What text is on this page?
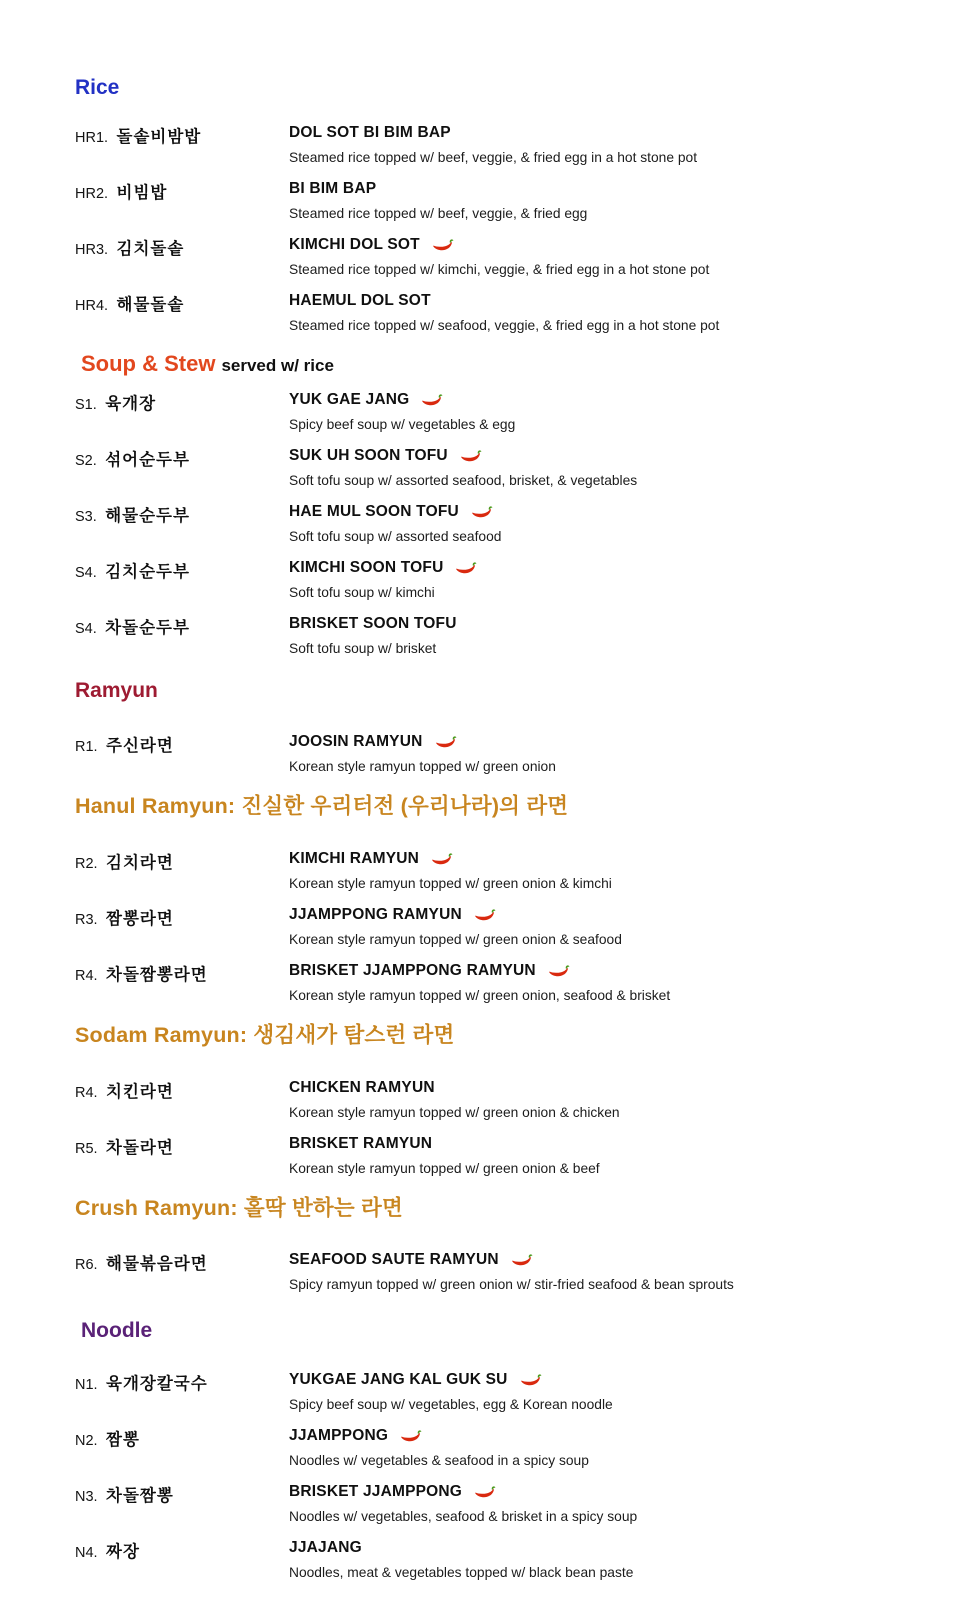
Rice
HR1. 돌솥비밤밥	DOL SOT BI BIM BAP
Steamed rice topped w/ beef, veggie, & fried egg in a hot stone pot
HR2. 비빔밥	BI BIM BAP
Steamed rice topped w/ beef, veggie, & fried egg
HR3. 김치돌솥	KIMCHI DOL SOT
Steamed rice topped w/ kimchi, veggie, & fried egg in a hot stone pot
HR4. 해물돌솥	HAEMUL DOL SOT
Steamed rice topped w/ seafood, veggie, & fried egg in a hot stone pot
Soup & Stew served w/ rice
S1. 육개장	YUK GAE JANG
Spicy beef soup w/ vegetables & egg
S2. 섞어순두부	SUK UH SOON TOFU
Soft tofu soup w/ assorted seafood, brisket, & vegetables
S3. 해물순두부	HAE MUL SOON TOFU
Soft tofu soup w/ assorted seafood
S4. 김치순두부	KIMCHI SOON TOFU
Soft tofu soup w/ kimchi
S4. 차돌순두부	BRISKET SOON TOFU
Soft tofu soup w/ brisket
Ramyun
R1. 주신라면	JOOSIN RAMYUN
Korean style ramyun topped w/ green onion
Hanul Ramyun: 진실한 우리터전 (우리나라)의 라면
R2. 김치라면	KIMCHI RAMYUN
Korean style ramyun topped w/ green onion & kimchi
R3. 짬뽕라면	JJAMPPONG RAMYUN
Korean style ramyun topped w/ green onion & seafood
R4. 차돌짬뽕라면	BRISKET JJAMPPONG RAMYUN
Korean style ramyun topped w/ green onion, seafood & brisket
Sodam Ramyun: 생김새가 탐스런 라면
R4. 치킨라면	CHICKEN RAMYUN
Korean style ramyun topped w/ green onion & chicken
R5. 차돌라면	BRISKET RAMYUN
Korean style ramyun topped w/ green onion & beef
Crush Ramyun: 홀딱 반하는 라면
R6. 해물볶음라면	SEAFOOD SAUTE RAMYUN
Spicy ramyun topped w/ green onion w/ stir-fried seafood & bean sprouts
Noodle
N1. 육개장칼국수	YUKGAE JANG KAL GUK SU
Spicy beef soup w/ vegetables, egg & Korean noodle
N2. 짬뽕	JJAMPPONG
Noodles w/ vegetables & seafood in a spicy soup
N3. 차돌짬뽕	BRISKET JJAMPPONG
Noodles w/ vegetables, seafood & brisket in a spicy soup
N4. 짜장	JJAJANG
Noodles, meat & vegetables topped w/ black bean paste
